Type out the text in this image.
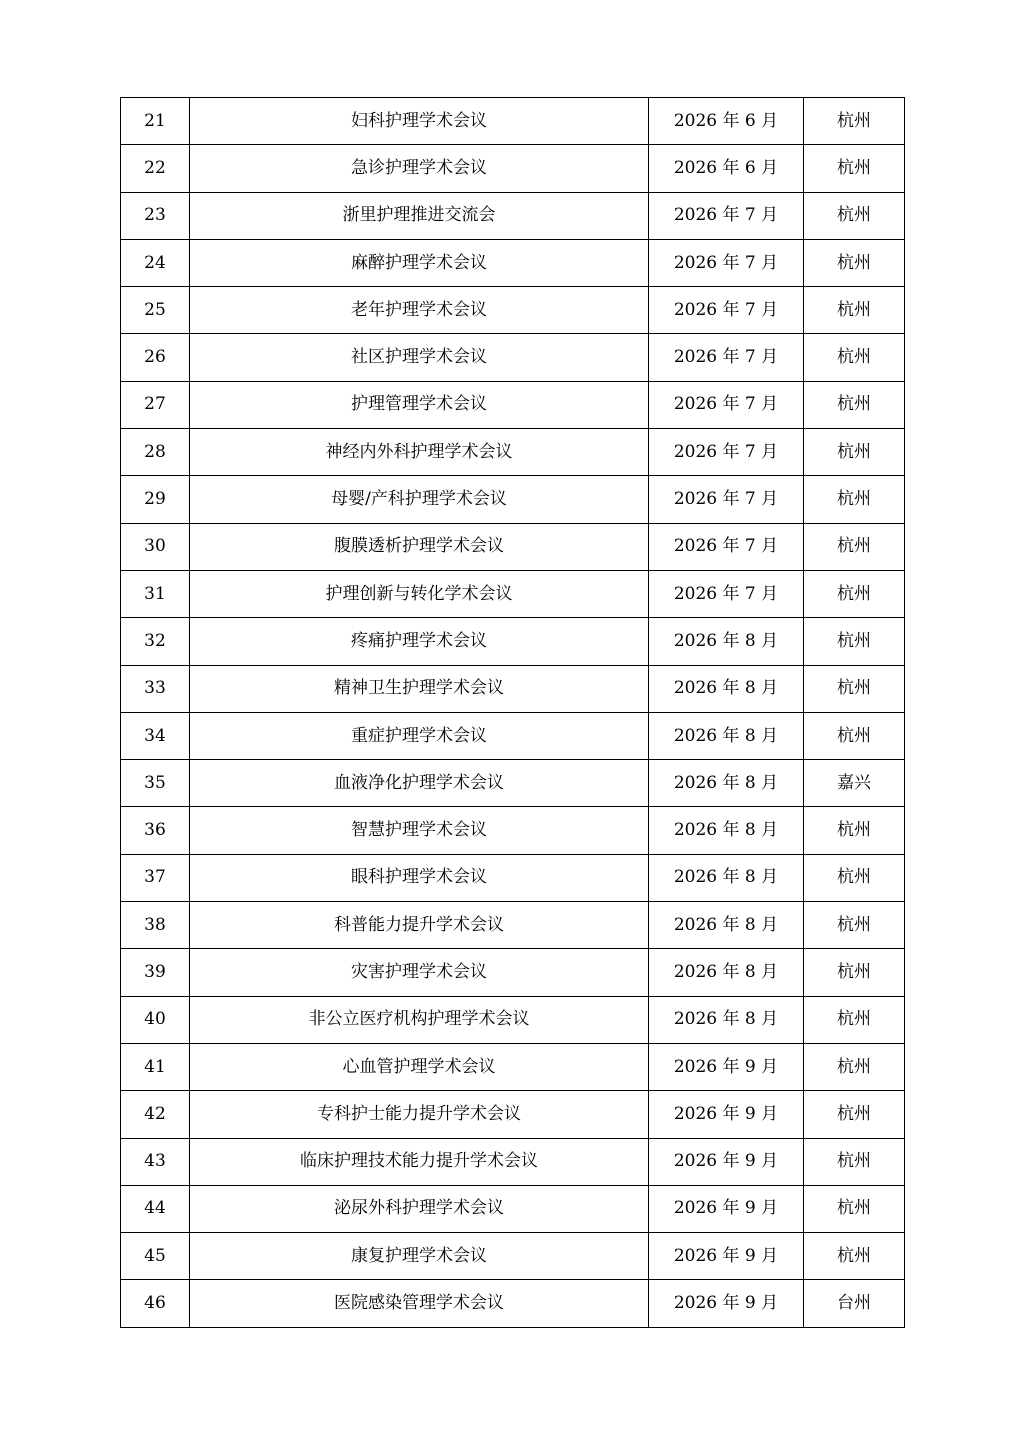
21	妇科护理学术会议	2026 年 6 月	杭州
22	急诊护理学术会议	2026 年 6 月	杭州
23	浙里护理推进交流会	2026 年 7 月	杭州
24	麻醉护理学术会议	2026 年 7 月	杭州
25	老年护理学术会议	2026 年 7 月	杭州
26	社区护理学术会议	2026 年 7 月	杭州
27	护理管理学术会议	2026 年 7 月	杭州
28	神经内外科护理学术会议	2026 年 7 月	杭州
29	母婴/产科护理学术会议	2026 年 7 月	杭州
30	腹膜透析护理学术会议	2026 年 7 月	杭州
31	护理创新与转化学术会议	2026 年 7 月	杭州
32	疼痛护理学术会议	2026 年 8 月	杭州
33	精神卫生护理学术会议	2026 年 8 月	杭州
34	重症护理学术会议	2026 年 8 月	杭州
35	血液净化护理学术会议	2026 年 8 月	嘉兴
36	智慧护理学术会议	2026 年 8 月	杭州
37	眼科护理学术会议	2026 年 8 月	杭州
38	科普能力提升学术会议	2026 年 8 月	杭州
39	灾害护理学术会议	2026 年 8 月	杭州
40	非公立医疗机构护理学术会议	2026 年 8 月	杭州
41	心血管护理学术会议	2026 年 9 月	杭州
42	专科护士能力提升学术会议	2026 年 9 月	杭州
43	临床护理技术能力提升学术会议	2026 年 9 月	杭州
44	泌尿外科护理学术会议	2026 年 9 月	杭州
45	康复护理学术会议	2026 年 9 月	杭州
46	医院感染管理学术会议	2026 年 9 月	台州
